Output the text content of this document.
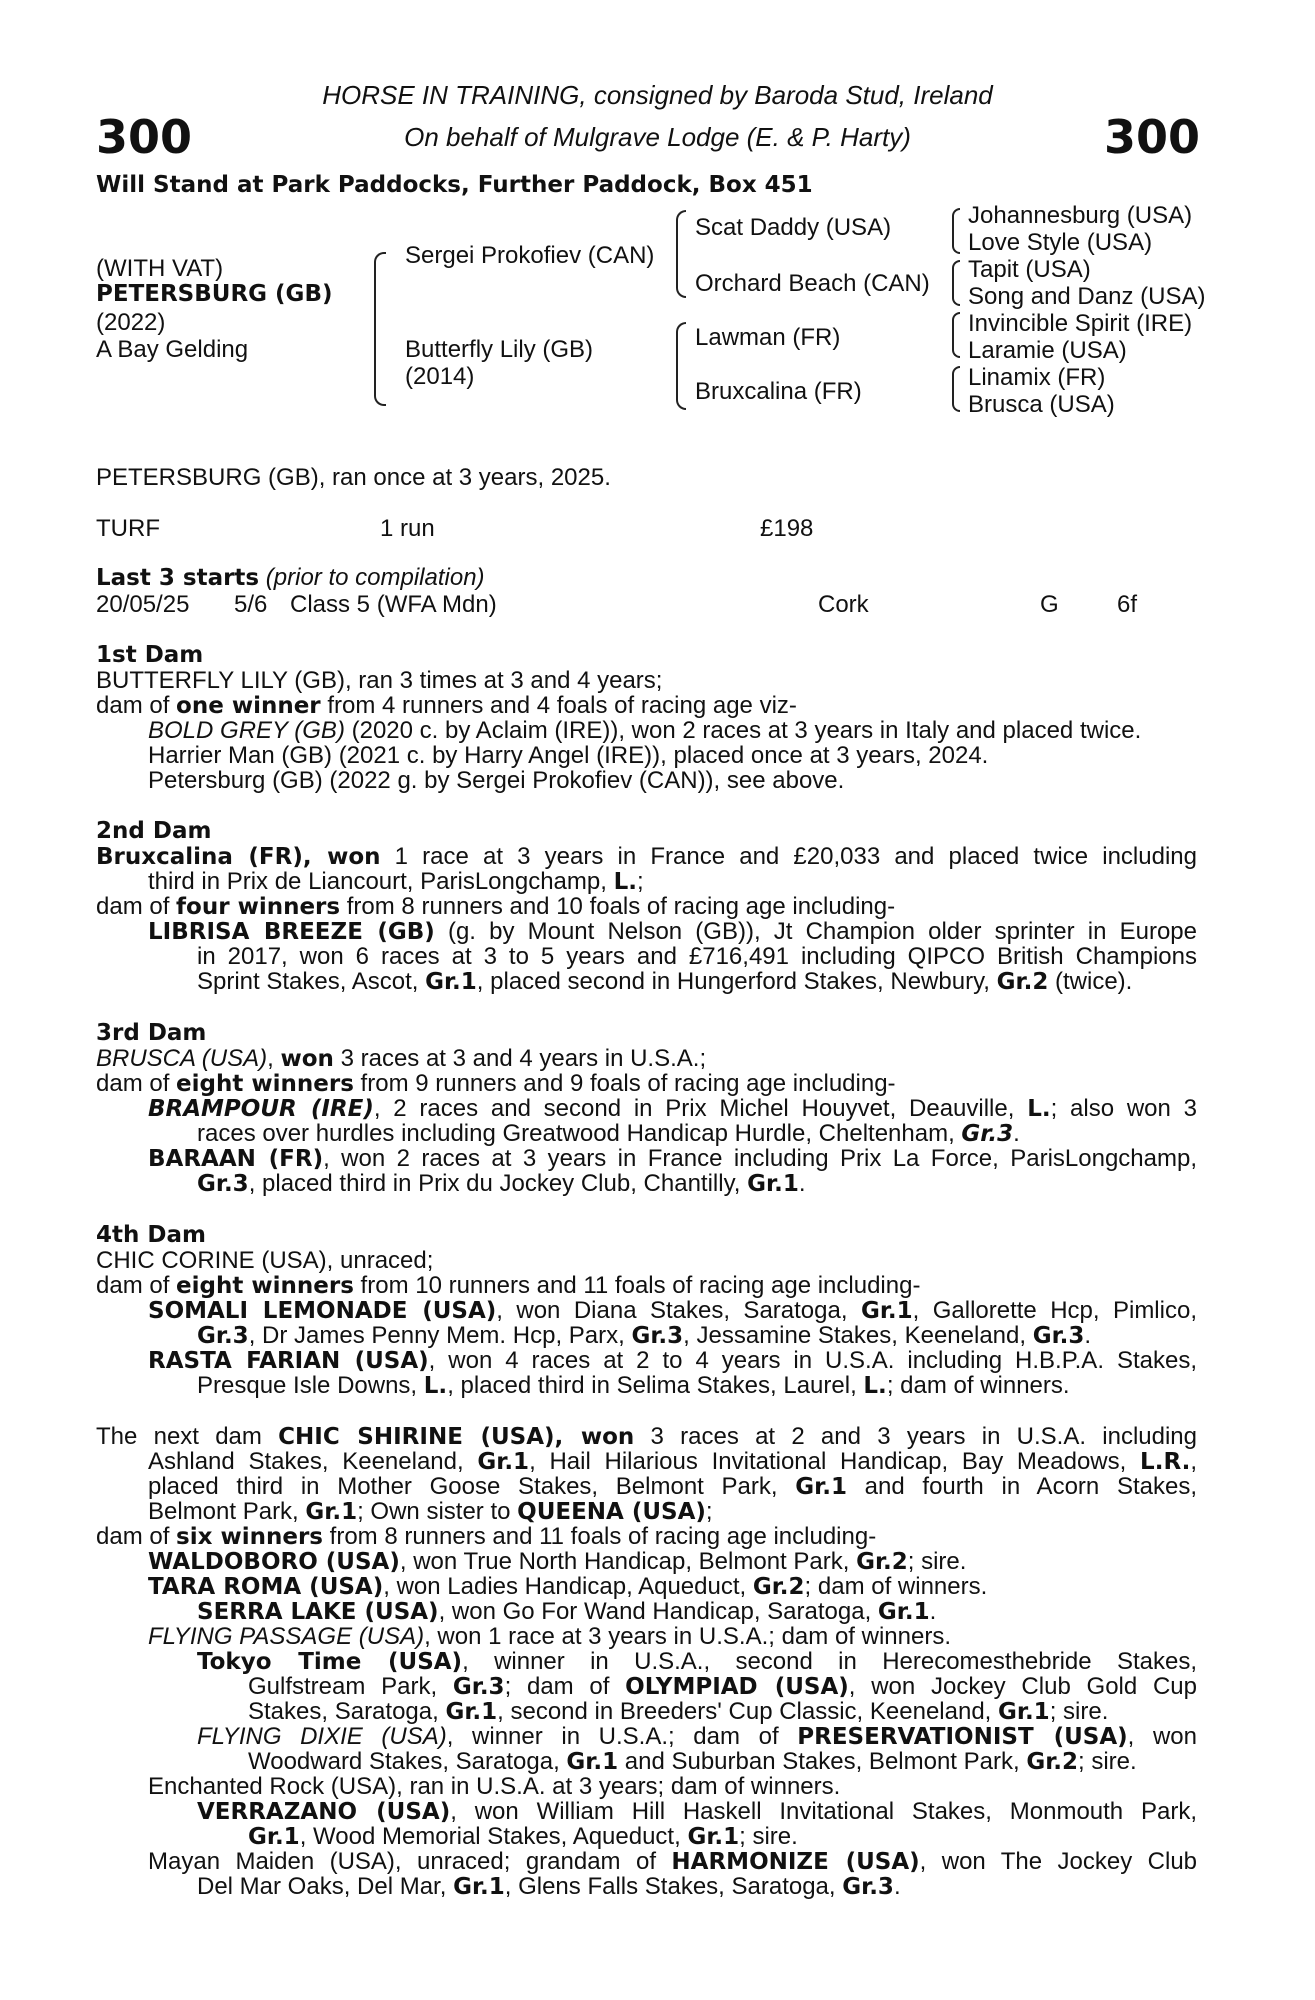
300	300
HORSE IN TRAINING, consigned by Baroda Stud, Ireland
On behalf of Mulgrave Lodge (E. & P. Harty)
Will Stand at Park Paddocks, Further Paddock, Box 451
(WITH VAT)
PETERSBURG (GB)
(2022)
A Bay Gelding
Sergei Prokofiev (CAN)
Butterfly Lily (GB)
(2014)
Scat Daddy (USA)
Orchard Beach (CAN)
Lawman (FR)
Bruxcalina (FR)
Johannesburg (USA)
Love Style (USA)
Tapit (USA)
Song and Danz (USA)
Invincible Spirit (IRE)
Laramie (USA)
Linamix (FR)
Brusca (USA)
PETERSBURG (GB), ran once at 3 years, 2025.
TURF	1 run	£198
Last 3 starts (prior to compilation)
20/05/25 5/6 Class 5 (WFA Mdn)	Cork	G 6f
1st Dam
BUTTERFLY LILY (GB), ran 3 times at 3 and 4 years;
dam of one winner from 4 runners and 4 foals of racing age viz-
BOLD GREY (GB) (2020 c. by Aclaim (IRE)), won 2 races at 3 years in Italy and placed twice.
Harrier Man (GB) (2021 c. by Harry Angel (IRE)), placed once at 3 years, 2024.
Petersburg (GB) (2022 g. by Sergei Prokofiev (CAN)), see above.
2nd Dam
Bruxcalina (FR), won 1 race at 3 years in France and £20,033 and placed twice including
third in Prix de Liancourt, ParisLongchamp, L.;
dam of four winners from 8 runners and 10 foals of racing age including-
LIBRISA BREEZE (GB) (g. by Mount Nelson (GB)), Jt Champion older sprinter in Europe
in 2017, won 6 races at 3 to 5 years and £716,491 including QIPCO British Champions
Sprint Stakes, Ascot, Gr.1, placed second in Hungerford Stakes, Newbury, Gr.2 (twice).
3rd Dam
BRUSCA (USA), won 3 races at 3 and 4 years in U.S.A.;
dam of eight winners from 9 runners and 9 foals of racing age including-
BRAMPOUR (IRE), 2 races and second in Prix Michel Houyvet, Deauville, L.; also won 3
races over hurdles including Greatwood Handicap Hurdle, Cheltenham, Gr.3.
BARAAN (FR), won 2 races at 3 years in France including Prix La Force, ParisLongchamp,
Gr.3, placed third in Prix du Jockey Club, Chantilly, Gr.1.
4th Dam
CHIC CORINE (USA), unraced;
dam of eight winners from 10 runners and 11 foals of racing age including-
SOMALI LEMONADE (USA), won Diana Stakes, Saratoga, Gr.1, Gallorette Hcp, Pimlico,
Gr.3, Dr James Penny Mem. Hcp, Parx, Gr.3, Jessamine Stakes, Keeneland, Gr.3.
RASTA FARIAN (USA), won 4 races at 2 to 4 years in U.S.A. including H.B.P.A. Stakes,
Presque Isle Downs, L., placed third in Selima Stakes, Laurel, L.; dam of winners.
The next dam CHIC SHIRINE (USA), won 3 races at 2 and 3 years in U.S.A. including
Ashland Stakes, Keeneland, Gr.1, Hail Hilarious Invitational Handicap, Bay Meadows, L.R.,
placed third in Mother Goose Stakes, Belmont Park, Gr.1 and fourth in Acorn Stakes,
Belmont Park, Gr.1; Own sister to QUEENA (USA);
dam of six winners from 8 runners and 11 foals of racing age including-
WALDOBORO (USA), won True North Handicap, Belmont Park, Gr.2; sire.
TARA ROMA (USA), won Ladies Handicap, Aqueduct, Gr.2; dam of winners.
SERRA LAKE (USA), won Go For Wand Handicap, Saratoga, Gr.1.
FLYING PASSAGE (USA), won 1 race at 3 years in U.S.A.; dam of winners.
Tokyo Time (USA), winner in U.S.A., second in Herecomesthebride Stakes,
Gulfstream Park, Gr.3; dam of OLYMPIAD (USA), won Jockey Club Gold Cup
Stakes, Saratoga, Gr.1, second in Breeders' Cup Classic, Keeneland, Gr.1; sire.
FLYING DIXIE (USA), winner in U.S.A.; dam of PRESERVATIONIST (USA), won
Woodward Stakes, Saratoga, Gr.1 and Suburban Stakes, Belmont Park, Gr.2; sire.
Enchanted Rock (USA), ran in U.S.A. at 3 years; dam of winners.
VERRAZANO (USA), won William Hill Haskell Invitational Stakes, Monmouth Park,
Gr.1, Wood Memorial Stakes, Aqueduct, Gr.1; sire.
Mayan Maiden (USA), unraced; grandam of HARMONIZE (USA), won The Jockey Club
Del Mar Oaks, Del Mar, Gr.1, Glens Falls Stakes, Saratoga, Gr.3.
